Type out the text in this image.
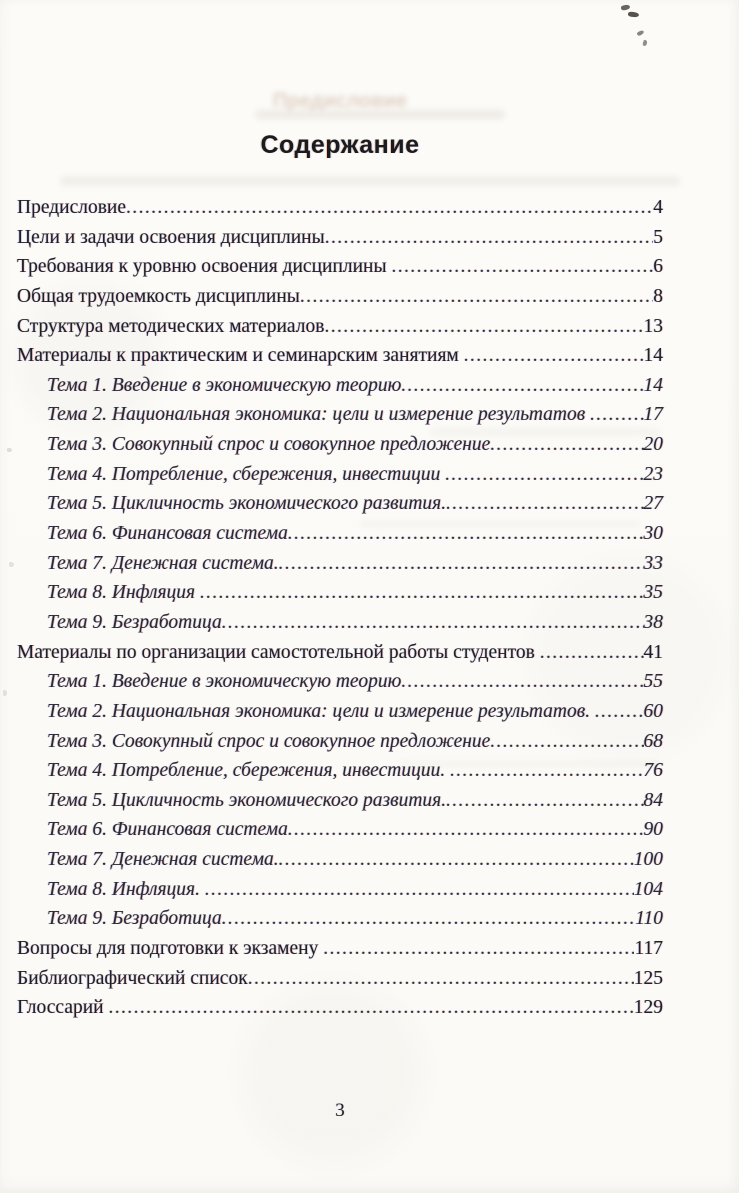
Предисловие
Содержание
Предисловие .....	4
Цели и задачи освоения дисциплины .....	5
Требования к уровню освоения дисциплины .....	6
Общая трудоемкость дисциплины .....	8
Структура методических материалов .....	13
Материалы к практическим и семинарским занятиям .....	14
Тема 1. Введение в экономическую теорию .....	14
Тема 2. Национальная экономика: цели и измерение результатов .....	17
Тема 3. Совокупный спрос и совокупное предложение .....	20
Тема 4. Потребление, сбережения, инвестиции .....	23
Тема 5. Цикличность экономического развития. .....	27
Тема 6. Финансовая система .....	30
Тема 7. Денежная система. .....	33
Тема 8. Инфляция .....	35
Тема 9. Безработица .....	38
Материалы по организации самостотельной работы студентов .....	41
Тема 1. Введение в экономическую теорию .....	55
Тема 2. Национальная экономика: цели и измерение результатов. ..... 60
Тема 3. Совокупный спрос и совокупное предложение .....	68
Тема 4. Потребление, сбережения, инвестиции. .....	76
Тема 5. Цикличность экономического развития. .....	84
Тема 6. Финансовая система .....	90
Тема 7. Денежная система. .....	100
Тема 8. Инфляция. .....	104
Тема 9. Безработица .....	110
Вопросы для подготовки к экзамену .....	117
Библиографический список .....	125
Глоссарий .....	129
3
